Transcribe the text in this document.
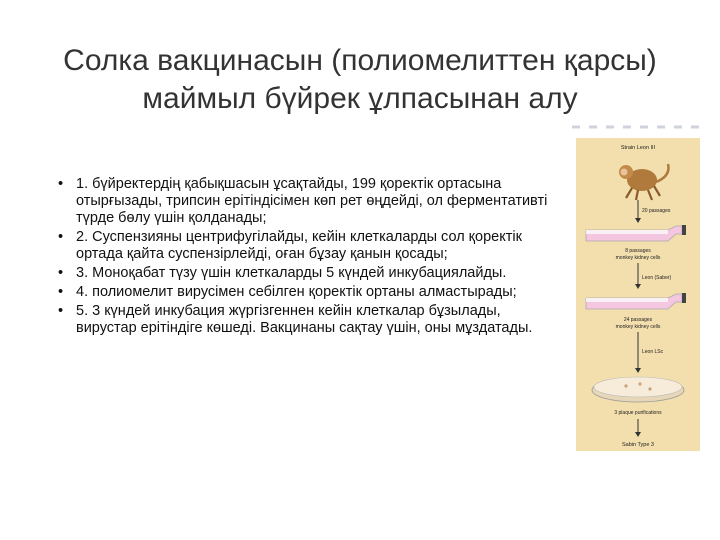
Солка вакцинасын (полиомелиттен қарсы)
маймыл бүйрек ұлпасынан алу
• 1. бүйректердің қабықшасын ұсақтайды, 199 қоректік ортасына отырғызады, трипсин ерітіндісімен көп рет өңдейді, ол ферментативті түрде бөлу үшін қолданады;
• 2. Суспензияны центрифугілайды, кейін клеткаларды сол қоректік ортада қайта суспензірлейді, оған бұзау қанын қосады;
• 3. Моноқабат түзу үшін клеткаларды 5 күндей инкубациялайды.
• 4. полиомелит вирусімен себілген қоректік ортаны алмастырады;
• 5. 3 күндей инкубация жүргізгеннен кейін клеткалар бұзылады, вирустар ерітіндіге көшеді. Вакцинаны сақтау үшін, оны мұздатады.
Strain Leon III
20 passages
8 passages
monkey kidney cells
Leon (Saber)
24 passages
monkey kidney cells
Leon LSc
3 plaque purifications
Sabin Type 3
